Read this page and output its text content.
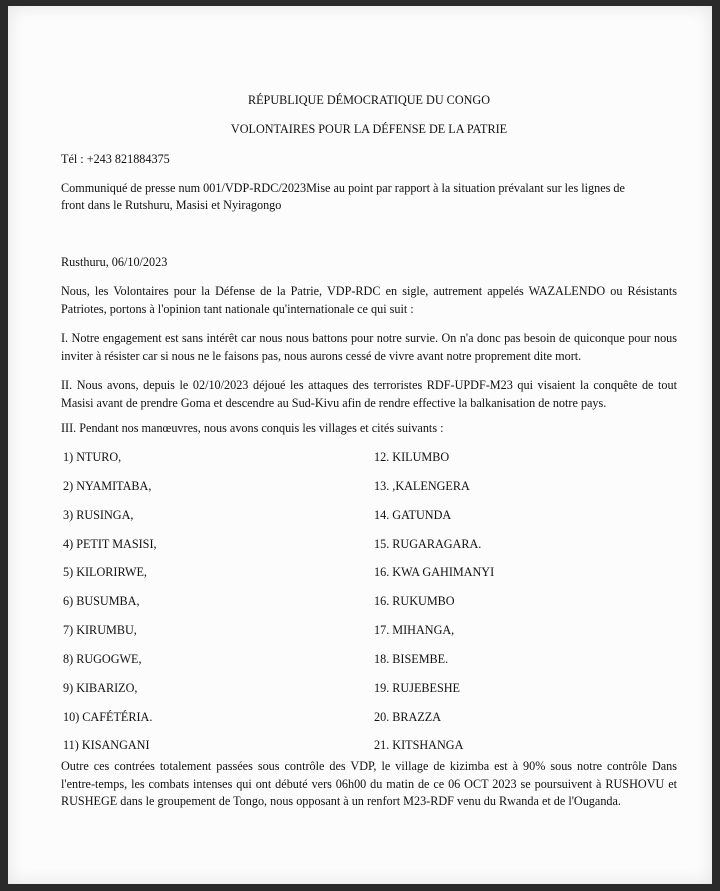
RÉPUBLIQUE DÉMOCRATIQUE DU CONGO
VOLONTAIRES POUR LA DÉFENSE DE LA PATRIE
Tél : +243 821884375
Communiqué de presse num 001/VDP-RDC/2023Mise au point par rapport à la situation prévalant sur les lignes de
front dans le Rutshuru, Masisi et Nyiragongo
Rusthuru, 06/10/2023
Nous, les Volontaires pour la Défense de la Patrie, VDP-RDC en sigle, autrement appelés WAZALENDO ou Résistants Patriotes, portons à l'opinion tant nationale qu'internationale ce qui suit :
I. Notre engagement est sans intérêt car nous nous battons pour notre survie. On n'a donc pas besoin de quiconque pour nous inviter à résister car si nous ne le faisons pas, nous aurons cessé de vivre avant notre proprement dite mort.
II. Nous avons, depuis le 02/10/2023 déjoué les attaques des terroristes RDF-UPDF-M23 qui visaient la conquête de tout Masisi avant de prendre Goma et descendre au Sud-Kivu afin de rendre effective la balkanisation de notre pays.
III. Pendant nos manœuvres, nous avons conquis les villages et cités suivants :
1) NTURO,
2) NYAMITABA,
3) RUSINGA,
4) PETIT MASISI,
5) KILORIRWE,
6) BUSUMBA,
7) KIRUMBU,
8) RUGOGWE,
9) KIBARIZO,
10) CAFÉTÉRIA.
11) KISANGANI
12. KILUMBO
13. ,KALENGERA
14. GATUNDA
15. RUGARAGARA.
16. KWA GAHIMANYI
16. RUKUMBO
17. MIHANGA,
18. BISEMBE.
19. RUJEBESHE
20. BRAZZA
21. KITSHANGA
Outre ces contrées totalement passées sous contrôle des VDP, le village de kizimba est à 90% sous notre contrôle Dans l'entre-temps, les combats intenses qui ont débuté vers 06h00 du matin de ce 06 OCT 2023 se poursuivent à RUSHOVU et RUSHEGE dans le groupement de Tongo, nous opposant à un renfort M23-RDF venu du Rwanda et de l'Ouganda.
